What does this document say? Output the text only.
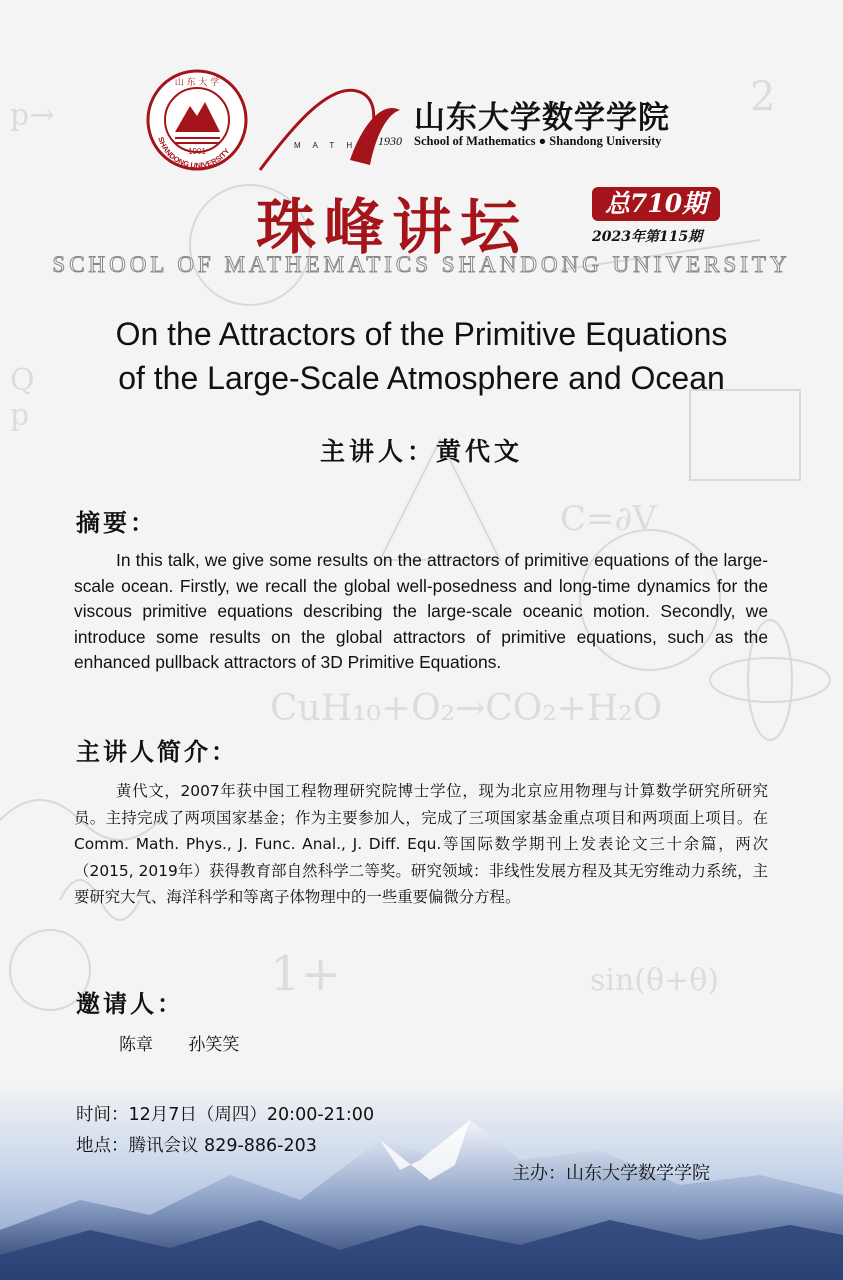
p→	2
C=∂V
CuH₁₀+O₂→CO₂+H₂O
1+	sin(θ+θ)
Q
p
1901
SHANDONG UNIVERSITY
山 东 大 学
M A T H
山东大学数学学院
1930 School of Mathematics ● Shandong University
珠峰讲坛	总710期
2023年第115期
SCHOOL OF MATHEMATICS SHANDONG UNIVERSITY
On the Attractors of the Primitive Equations
of the Large-Scale Atmosphere and Ocean
主讲人：黄代文
摘要：
In this talk, we give some results on the attractors of primitive equations of the large-scale ocean. Firstly, we recall the global well-posedness and long-time dynamics for the viscous primitive equations describing the large-scale oceanic motion. Secondly, we introduce some results on the global attractors of primitive equations, such as the enhanced pullback attractors of 3D Primitive Equations.
主讲人简介：
黄代文，2007年获中国工程物理研究院博士学位，现为北京应用物理与计算数学研究所研究员。主持完成了两项国家基金；作为主要参加人，完成了三项国家基金重点项目和两项面上项目。在Comm. Math. Phys., J. Func. Anal., J. Diff. Equ.等国际数学期刊上发表论文三十余篇，两次（2015, 2019年）获得教育部自然科学二等奖。研究领域：非线性发展方程及其无穷维动力系统，主要研究大气、海洋科学和等离子体物理中的一些重要偏微分方程。
邀请人：
陈章 孙笑笑
时间：12月7日（周四）20:00-21:00
地点：腾讯会议 829-886-203
主办：山东大学数学学院
